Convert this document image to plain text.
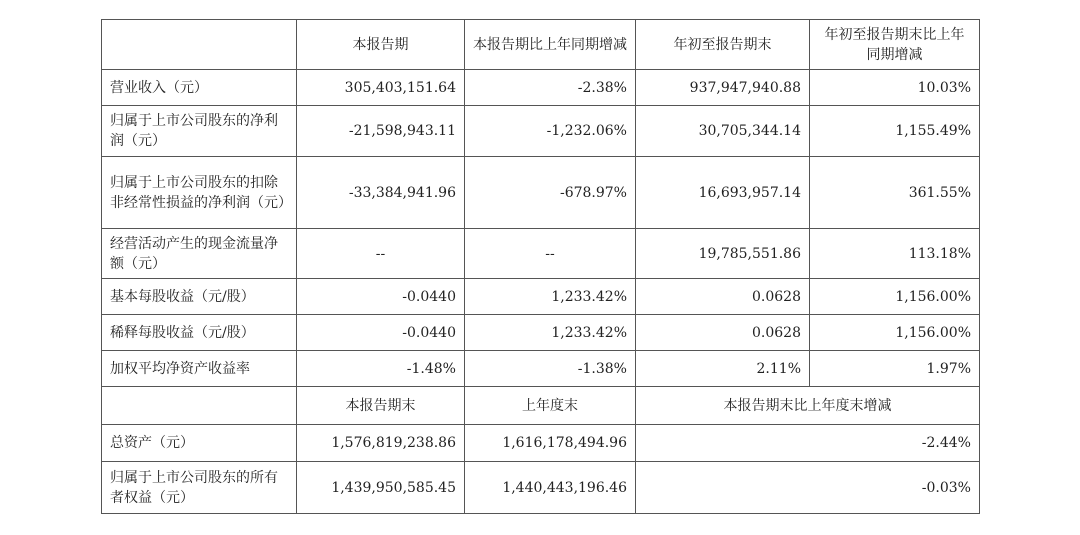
	本报告期	本报告期比上年同期增减	年初至报告期末	年初至报告期末比上年同期增减
营业收入（元）	305,403,151.64	-2.38%	937,947,940.88	10.03%
归属于上市公司股东的净利润（元）	-21,598,943.11	-1,232.06%	30,705,344.14	1,155.49%
归属于上市公司股东的扣除非经常性损益的净利润（元）	-33,384,941.96	-678.97%	16,693,957.14	361.55%
经营活动产生的现金流量净额（元）	--	--	19,785,551.86	113.18%
基本每股收益（元/股）	-0.0440	1,233.42%	0.0628	1,156.00%
稀释每股收益（元/股）	-0.0440	1,233.42%	0.0628	1,156.00%
加权平均净资产收益率	-1.48%	-1.38%	2.11%	1.97%
	本报告期末	上年度末	本报告期末比上年度末增减	
总资产（元）	1,576,819,238.86	1,616,178,494.96	-2.44%	
归属于上市公司股东的所有者权益（元）	1,439,950,585.45	1,440,443,196.46	-0.03%	
